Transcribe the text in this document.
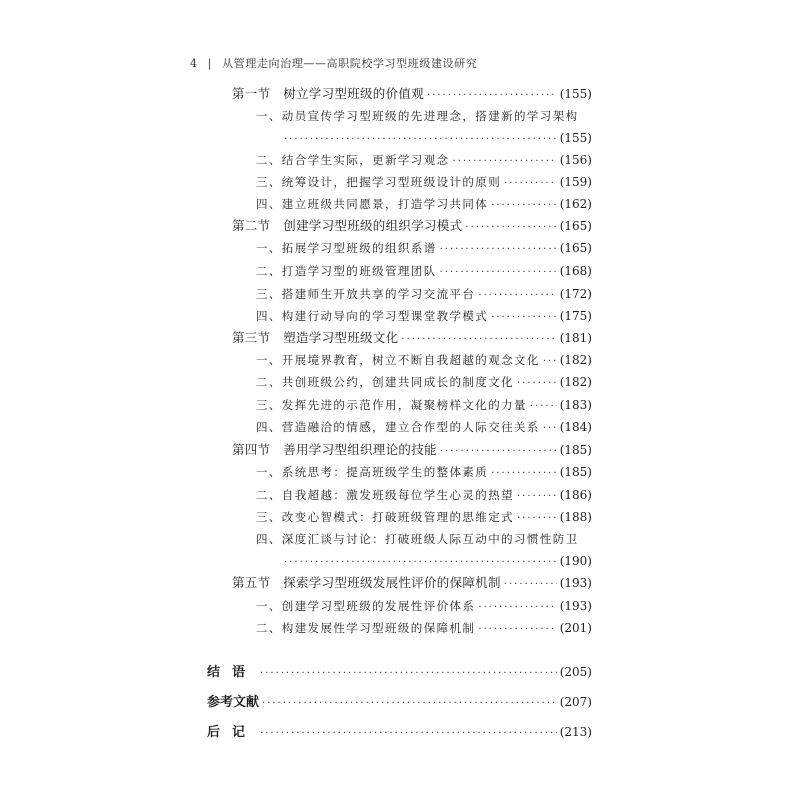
4 | 从管理走向治理——高职院校学习型班级建设研究
第一节　树立学习型班级的价值观 ·····	(155)
一、动员宣传学习型班级的先进理念，搭建新的学习架构
·····
(155)
二、结合学生实际，更新学习观念 ·····	(156)
三、统筹设计，把握学习型班级设计的原则 ·····	(159)
四、建立班级共同愿景，打造学习共同体 ·····	(162)
第二节　创建学习型班级的组织学习模式 ·····	(165)
一、拓展学习型班级的组织系谱 ·····	(165)
二、打造学习型的班级管理团队 ·····	(168)
三、搭建师生开放共享的学习交流平台 ·····	(172)
四、构建行动导向的学习型课堂教学模式 ·····	(175)
第三节　塑造学习型班级文化 ·····	(181)
一、开展境界教育，树立不断自我超越的观念文化 ····· (182)
二、共创班级公约，创建共同成长的制度文化 ·····	(182)
三、发挥先进的示范作用，凝聚榜样文化的力量 ·····	(183)
四、营造融洽的情感，建立合作型的人际交往关系 ····· (184)
第四节　善用学习型组织理论的技能 ·····	(185)
一、系统思考：提高班级学生的整体素质 ·····	(185)
二、自我超越：激发班级每位学生心灵的热望 ·····	(186)
三、改变心智模式：打破班级管理的思维定式 ·····	(188)
四、深度汇谈与讨论：打破班级人际互动中的习惯性防卫
·····
(190)
第五节　探索学习型班级发展性评价的保障机制 ·····	(193)
一、创建学习型班级的发展性评价体系 ·····	(193)
二、构建发展性学习型班级的保障机制 ·····	(201)
结语 ·····	(205)
参考文献 ·····	(207)
后记 ·····	(213)
